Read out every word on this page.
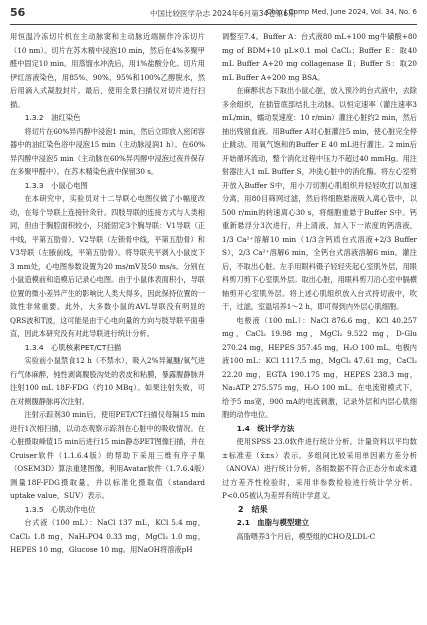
56	中国比较医学杂志 2024年6月第34卷第6期
Chin J Comp Med, June 2024, Vol. 34, No. 6

用恒温冷冻切片机在主动脉窦和主动脉近端制作冷冻切片（10 nm）。切片在苏木精中浸泡10 min，然后在4%多聚甲醛中固定10 min。用蒸馏水冲洗后，用1%盐酸分化。切片用伊红溶液染色，用85%、90%、95%和100%乙醇脱水，然后用滴入式凝胶封片。最后，使用全景扫描仪对切片进行扫描。

1.3.2　油红染色

将切片在60%异丙醇中浸泡1 min，然后立即放入密闭容器中的油红染色浴中浸泡15 min（主动脉浸润1 h）。在60%异丙醇中浸泡5 min（主动脉在60%异丙醇中浸泡过夜并保存在多聚甲醛中）。在苏木精染色液中保留30 s。

1.3.3　小鼠心电图

在本研究中，实验员对十二导联心电图仪做了小幅度改动，在每个导联上连接针灸针。四肢导联的连接方式与人类相同，但由于胸腔面积较小，只能固定3个胸导联：V1导联（正中线，平第五肋骨）、V2导联（左锁骨中线，平第五肋骨）和V3导联（左腋前线，平第五肋骨）。将导联夹平剥入小鼠皮下3 mm处，心电图参数设置为20 ms/mV及50 ms/s。分别在小鼠造模前和造模后记录心电图。由于小鼠体表面积小，导联位置的微小差异产生的影响比人类大得多，因此保持位置的一致性非常重要。此外，大多数小鼠的AVL导联没有明显的QRS波和T波，这可能是由于心电向量的方向与肢导联平面垂直，因此本研究没有对此导联进行统计分析。

1.3.4　心肌核素PET/CT扫描

实验前小鼠禁食12 h（不禁水），吸入2%异氟醚/氧气进行气体麻醉，钝性剥离腹股沟处的表皮和粘膜，暴露腹静脉并注射100 mL 18F-FDG（约10 MBq）。如果注射失败，可在对侧腹静脉再次注射。

注射示踪剂30 min后，使用PET/CT扫描仪每隔15 min进行1次相扫描，以动态观察示踪剂在心脏中的吸收情况。在心脏摄取峰值15 min后进行15 min静态PET图像扫描，并在Cruiser软件（1.1.6.4版）的帮助下采用三维有序子集（OSEM3D）算法重建图像。利用Avatar软件（1.7.6.4版）测量18F-FDG摄取量，并以标准化摄取值（standard uptake value，SUV）表示。

1.3.5　心肌动作电位

台式液（100 mL）：NaCl 137 mL，KCl 5.4 mg，CaCl₂ 1.8 mg，NaH₂PO4 0.33 mg，MgCl₂ 1.0 mg，HEPES 10 mg，Glucose 10 mg。用NaOH将溶液pH

调整至7.4。Buffer A：台式液80 mL+100 mg牛磺酸+80 mg of BDM+10 μL×0.1 mol CaCl₂；Buffer E：取40 mL Buffer A+20 mg collagenase Ⅱ；Buffer S：取20 mL Buffer A+200 mg BSA。

在麻醉状态下取出小鼠心脏，放入预冷的台式液中，去除多余组织，在插管底部结扎主动脉。以恒定速率（灌注速率3 mL/min，蠕动泵速度：10 r/min）灌注心脏约2 min，然后抽出残留血液。用Buffer A对心脏灌注5 min，使心脏完全停止跳动。用氧气饱和的Buffer E 40 mL进行灌注。2 min后开始循环流动，整个消化过程中压力不超过40 mmHg。用注射器注入1 mL Buffer S，冲洗心脏中的消化酶。将左心室剪开放入Buffer S中，用小刀切割心肌组织并轻轻吹打以加速分离，用80目筛网过滤，然后将细胞悬液吸入离心管中，以500 r/min的转速离心30 s，将细胞重悬于Buffer S中。钙重新悬浮分3次进行，并上清液，加入下一浓度的钙溶液，1/3 Ca²⁺溶解10 min（1/3含钙质台式溶液+2/3 Buffer S），2/3 Ca²⁺溶解6 min，全钙台式溶液溶解6 min。灌注后，不取出心脏。左手用眼科镊子轻轻夹起心室肌外层，用眼科剪刀剪下心室肌外层。取出心脏，用眼科剪刀沿心室中膈横轴剪开心室肌外层。将上述心肌组织放入台式持切液中，吹干，过滤，室温培养1～2 h，即可得到内外层心肌细胞。

电极液（100 mL）：NaCl 876.6 mg，KCl 40.257 mg，CaCl₂ 19.98 mg，MgCl₂ 9.522 mg，D-Glu 270.24 mg，HEPES 357.45 mg，H₂O 100 mL。电极内液100 mL：KCl 1117.5 mg，MgCl₂ 47.61 mg，CaCl₂ 22.20 mg，EGTA 190.175 mg，HEPES 238.3 mg，Na₂ATP 275.575 mg，H₂O 100 mL。在电流钳模式下，给予5 ms宽，900 mA的电流刺激，记录外层和内层心肌细胞的动作电位。

1.4　统计学方法

使用SPSS 23.0软件进行统计分析。计量资料以平均数±标准差（x̄±s）表示。多组间比较采用单因素方差分析（ANOVA）进行统计分析。各组数据不符合正态分布或未通过方差齐性检验时，采用非参数检验进行统计学分析。P<0.05被认为差异有统计学意义。

2　结果

2.1　血脂与模型建立

高脂喂养3个月后，模型组的CHO及LDL-C
